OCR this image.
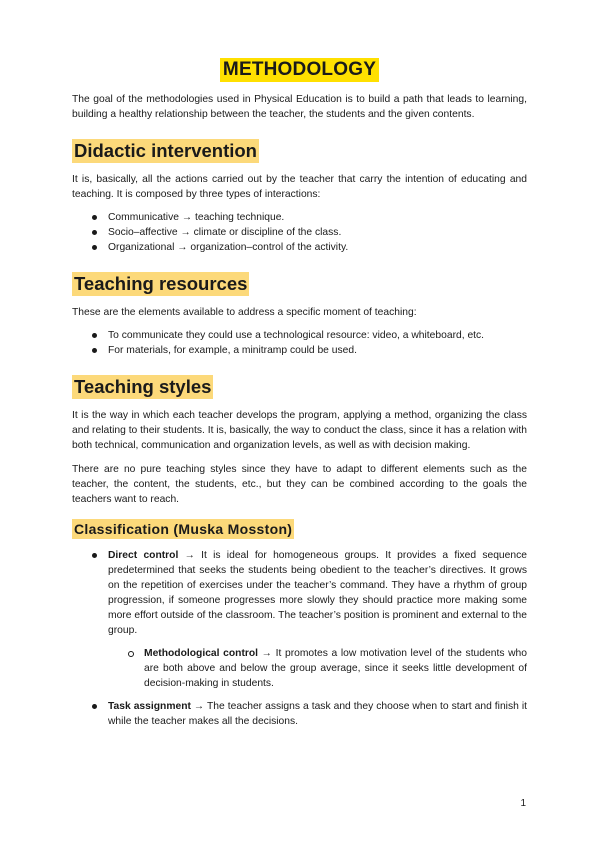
METHODOLOGY

The goal of the methodologies used in Physical Education is to build a path that leads to learning, building a healthy relationship between the teacher, the students and the given contents.

Didactic intervention

It is, basically, all the actions carried out by the teacher that carry the intention of educating and teaching. It is composed by three types of interactions:

Communicative → teaching technique.
Socio–affective → climate or discipline of the class.
Organizational → organization–control of the activity.
Teaching resources

These are the elements available to address a specific moment of teaching:

To communicate they could use a technological resource: video, a whiteboard, etc.
For materials, for example, a minitramp could be used.
Teaching styles

It is the way in which each teacher develops the program, applying a method, organizing the class and relating to their students. It is, basically, the way to conduct the class, since it has a relation with both technical, communication and organization levels, as well as with decision making.

There are no pure teaching styles since they have to adapt to different elements such as the teacher, the content, the students, etc., but they can be combined according to the goals the teachers want to reach.

Classification (Muska Mosston)
Direct control → It is ideal for homogeneous groups. It provides a fixed sequence predetermined that seeks the students being obedient to the teacher’s directives. It grows on the repetition of exercises under the teacher’s command. They have a rhythm of group progression, if someone progresses more slowly they should practice more making some more effort outside of the classroom. The teacher’s position is prominent and external to the group.
Methodological control → It promotes a low motivation level of the students who are both above and below the group average, since it seeks little development of decision-making in students.
Task assignment → The teacher assigns a task and they choose when to start and finish it while the teacher makes all the decisions.
1
